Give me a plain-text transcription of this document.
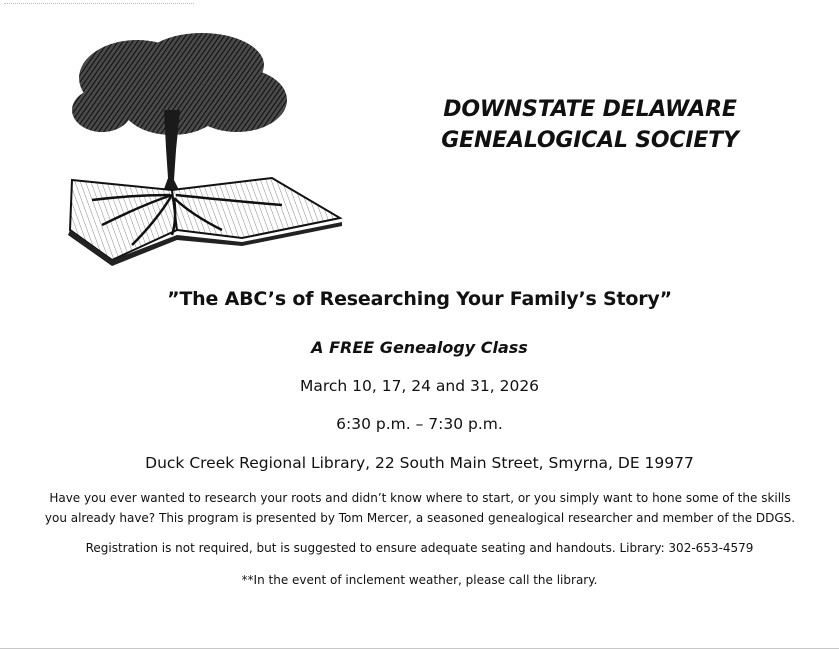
DOWNSTATE DELAWARE
GENEALOGICAL SOCIETY
”The ABC’s of Researching Your Family’s Story”
A FREE Genealogy Class
March 10, 17, 24 and 31, 2026
6:30 p.m. – 7:30 p.m.
Duck Creek Regional Library, 22 South Main Street, Smyrna, DE 19977
Have you ever wanted to research your roots and didn’t know where to start, or you simply want to hone some of the skills you already have? This program is presented by Tom Mercer, a seasoned genealogical researcher and member of the DDGS.
Registration is not required, but is suggested to ensure adequate seating and handouts. Library: 302-653-4579
**In the event of inclement weather, please call the library.
